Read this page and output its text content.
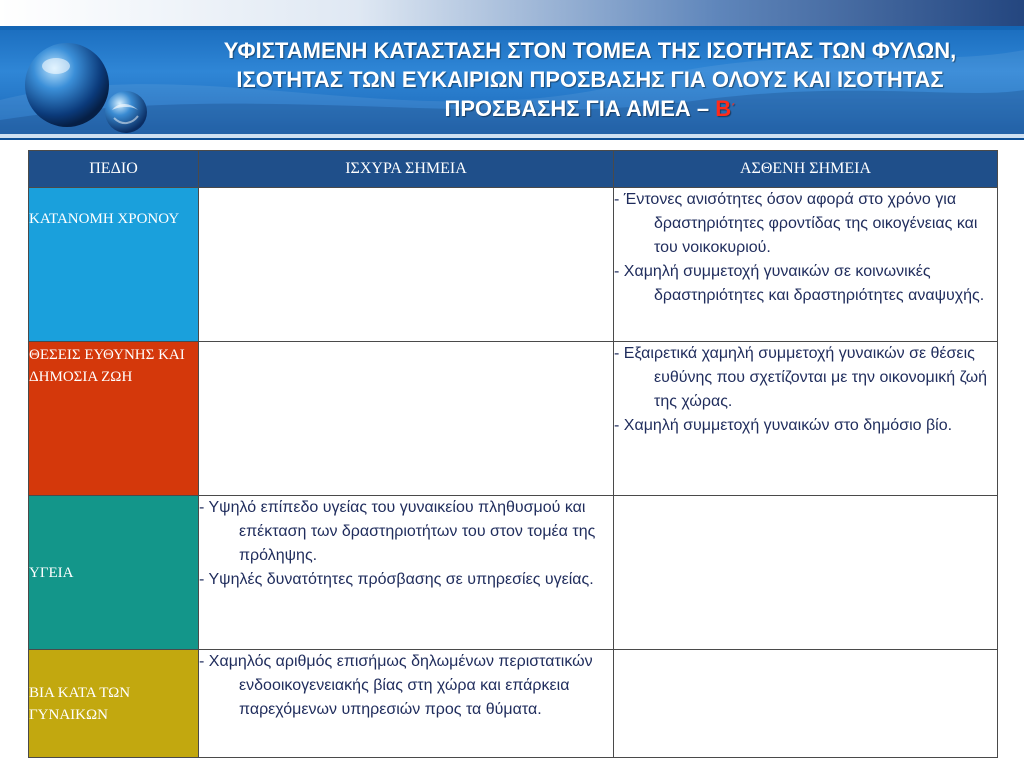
ΥΦΙΣΤΑΜΕΝΗ ΚΑΤΑΣΤΑΣΗ ΣΤΟΝ ΤΟΜΕΑ ΤΗΣ ΙΣΟΤΗΤΑΣ ΤΩΝ ΦΥΛΩΝ, ΙΣΟΤΗΤΑΣ ΤΩΝ ΕΥΚΑΙΡΙΩΝ ΠΡΟΣΒΑΣΗΣ ΓΙΑ ΟΛΟΥΣ ΚΑΙ ΙΣΟΤΗΤΑΣ ΠΡΟΣΒΑΣΗΣ ΓΙΑ ΑΜΕΑ – Β΄
ΠΕΔΙΟ	ΙΣΧΥΡΑ ΣΗΜΕΙΑ	ΑΣΘΕΝΗ ΣΗΜΕΙΑ

ΚΑΤΑΝΟΜΗ ΧΡΟΝΟΥ		- Έντονες ανισότητες όσον αφορά στο χρόνο για δραστηριότητες φροντίδας της οικογένειας και του νοικοκυριού.

- Χαμηλή συμμετοχή γυναικών σε κοινωνικές δραστηριότητες και δραστηριότητες αναψυχής.

ΘΕΣΕΙΣ ΕΥΘΥΝΗΣ ΚΑΙ ΔΗΜΟΣΙΑ ΖΩΗ		- Εξαιρετικά χαμηλή συμμετοχή γυναικών σε θέσεις ευθύνης που σχετίζονται με την οικονομική ζωή της χώρας.

- Χαμηλή συμμετοχή γυναικών στο δημόσιο βίο.

ΥΓΕΙΑ	- Υψηλό επίπεδο υγείας του γυναικείου πληθυσμού και επέκταση των δραστηριοτήτων του στον τομέα της πρόληψης.

- Υψηλές δυνατότητες πρόσβασης σε υπηρεσίες υγείας.	

ΒΙΑ ΚΑΤΑ ΤΩΝ ΓΥΝΑΙΚΩΝ	- Χαμηλός αριθμός επισήμως δηλωμένων περιστατικών ενδοοικογενειακής βίας στη χώρα και επάρκεια παρεχόμενων υπηρεσιών προς τα θύματα.	
